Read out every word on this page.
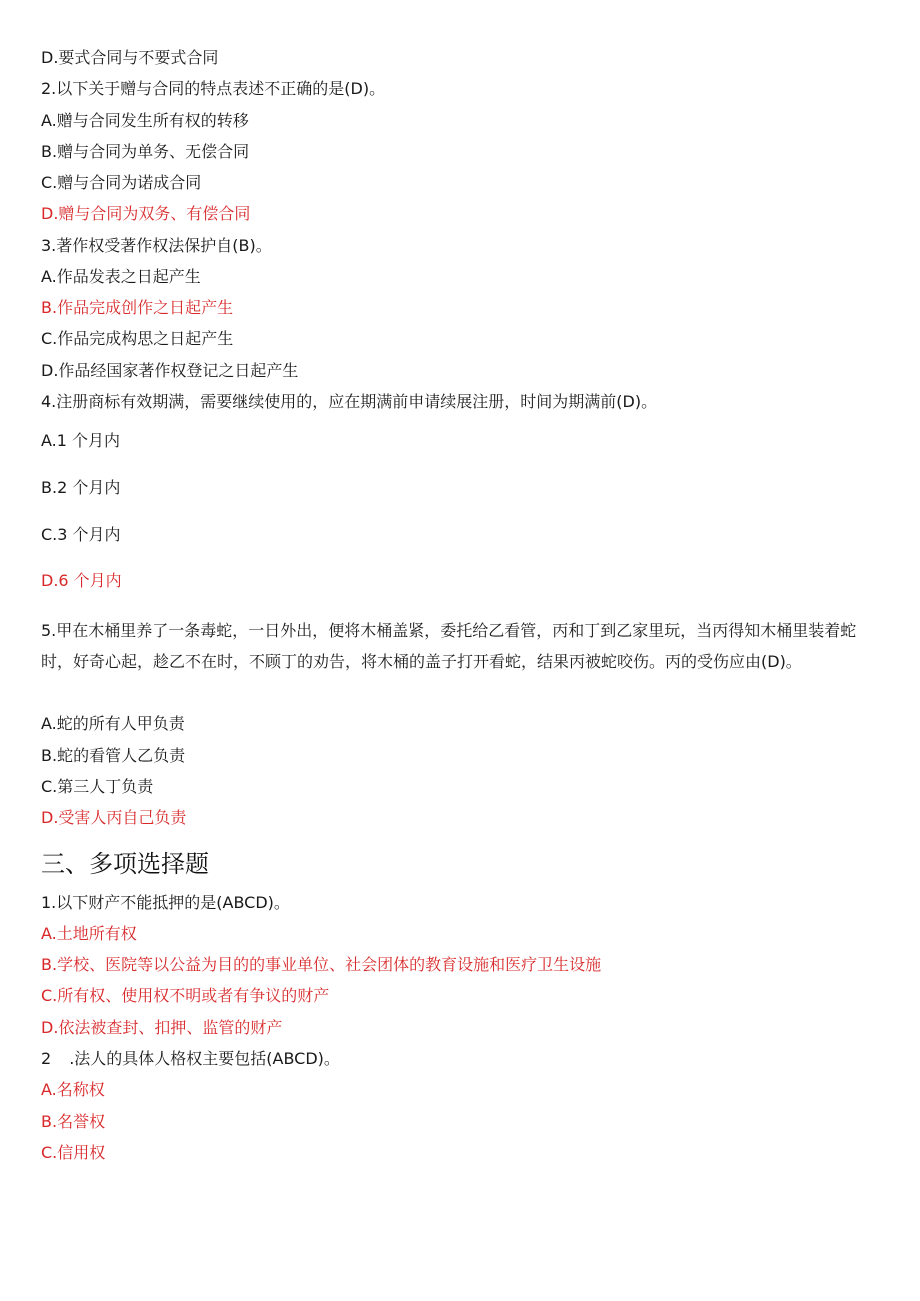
D.要式合同与不要式合同

2.以下关于赠与合同的特点表述不正确的是(D)。

A.赠与合同发生所有权的转移

B.赠与合同为单务、无偿合同

C.赠与合同为诺成合同

D.赠与合同为双务、有偿合同

3.著作权受著作权法保护自(B)。

A.作品发表之日起产生

B.作品完成创作之日起产生

C.作品完成构思之日起产生

D.作品经国家著作权登记之日起产生

4.注册商标有效期满，需要继续使用的，应在期满前申请续展注册，时间为期满前(D)。

A.1 个月内

B.2 个月内

C.3 个月内

D.6 个月内

5.甲在木桶里养了一条毒蛇，一日外出，便将木桶盖紧，委托给乙看管，丙和丁到乙家里玩，当丙得知木桶里装着蛇时，好奇心起，趁乙不在时，不顾丁的劝告，将木桶的盖子打开看蛇，结果丙被蛇咬伤。丙的受伤应由(D)。

A.蛇的所有人甲负责

B.蛇的看管人乙负责

C.第三人丁负责

D.受害人丙自己负责

三、多项选择题

1.以下财产不能抵押的是(ABCD)。

A.土地所有权

B.学校、医院等以公益为目的的事业单位、社会团体的教育设施和医疗卫生设施

C.所有权、使用权不明或者有争议的财产

D.依法被查封、扣押、监管的财产

2 .法人的具体人格权主要包括(ABCD)。

A.名称权

B.名誉权

C.信用权
